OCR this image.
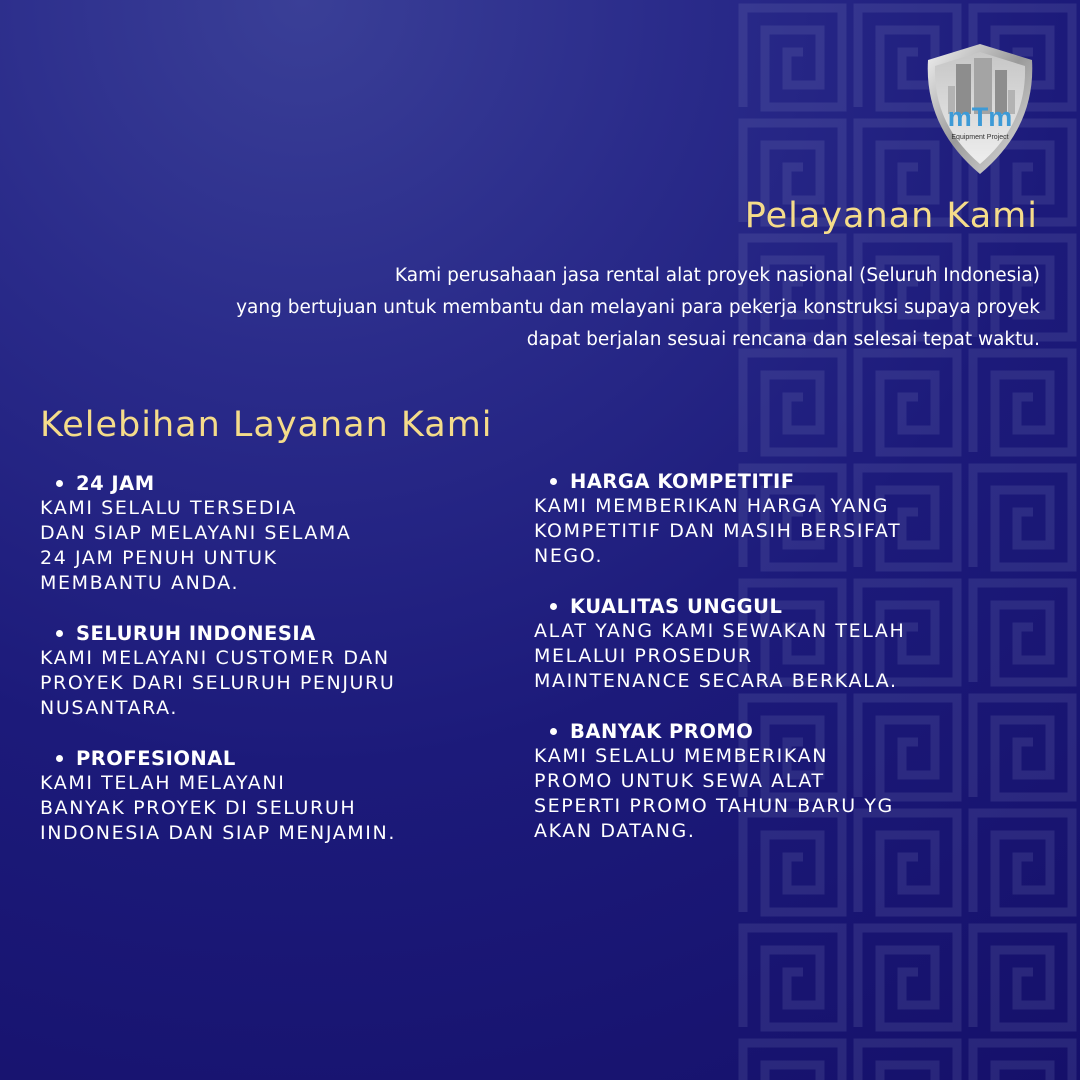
mTm
Equipment Project
Pelayanan Kami

Kami perusahaan jasa rental alat proyek nasional (Seluruh Indonesia)
yang bertujuan untuk membantu dan melayani para pekerja konstruksi supaya proyek
dapat berjalan sesuai rencana dan selesai tepat waktu.

Kelebihan Layanan Kami
24 JAM
KAMI SELALU TERSEDIA
DAN SIAP MELAYANI SELAMA
24 JAM PENUH UNTUK
MEMBANTU ANDA.
SELURUH INDONESIA
KAMI MELAYANI CUSTOMER DAN
PROYEK DARI SELURUH PENJURU
NUSANTARA.
PROFESIONAL
KAMI TELAH MELAYANI
BANYAK PROYEK DI SELURUH
INDONESIA DAN SIAP MENJAMIN.
HARGA KOMPETITIF
KAMI MEMBERIKAN HARGA YANG
KOMPETITIF DAN MASIH BERSIFAT
NEGO.
KUALITAS UNGGUL
ALAT YANG KAMI SEWAKAN TELAH
MELALUI PROSEDUR
MAINTENANCE SECARA BERKALA.
BANYAK PROMO
KAMI SELALU MEMBERIKAN
PROMO UNTUK SEWA ALAT
SEPERTI PROMO TAHUN BARU YG
AKAN DATANG.
